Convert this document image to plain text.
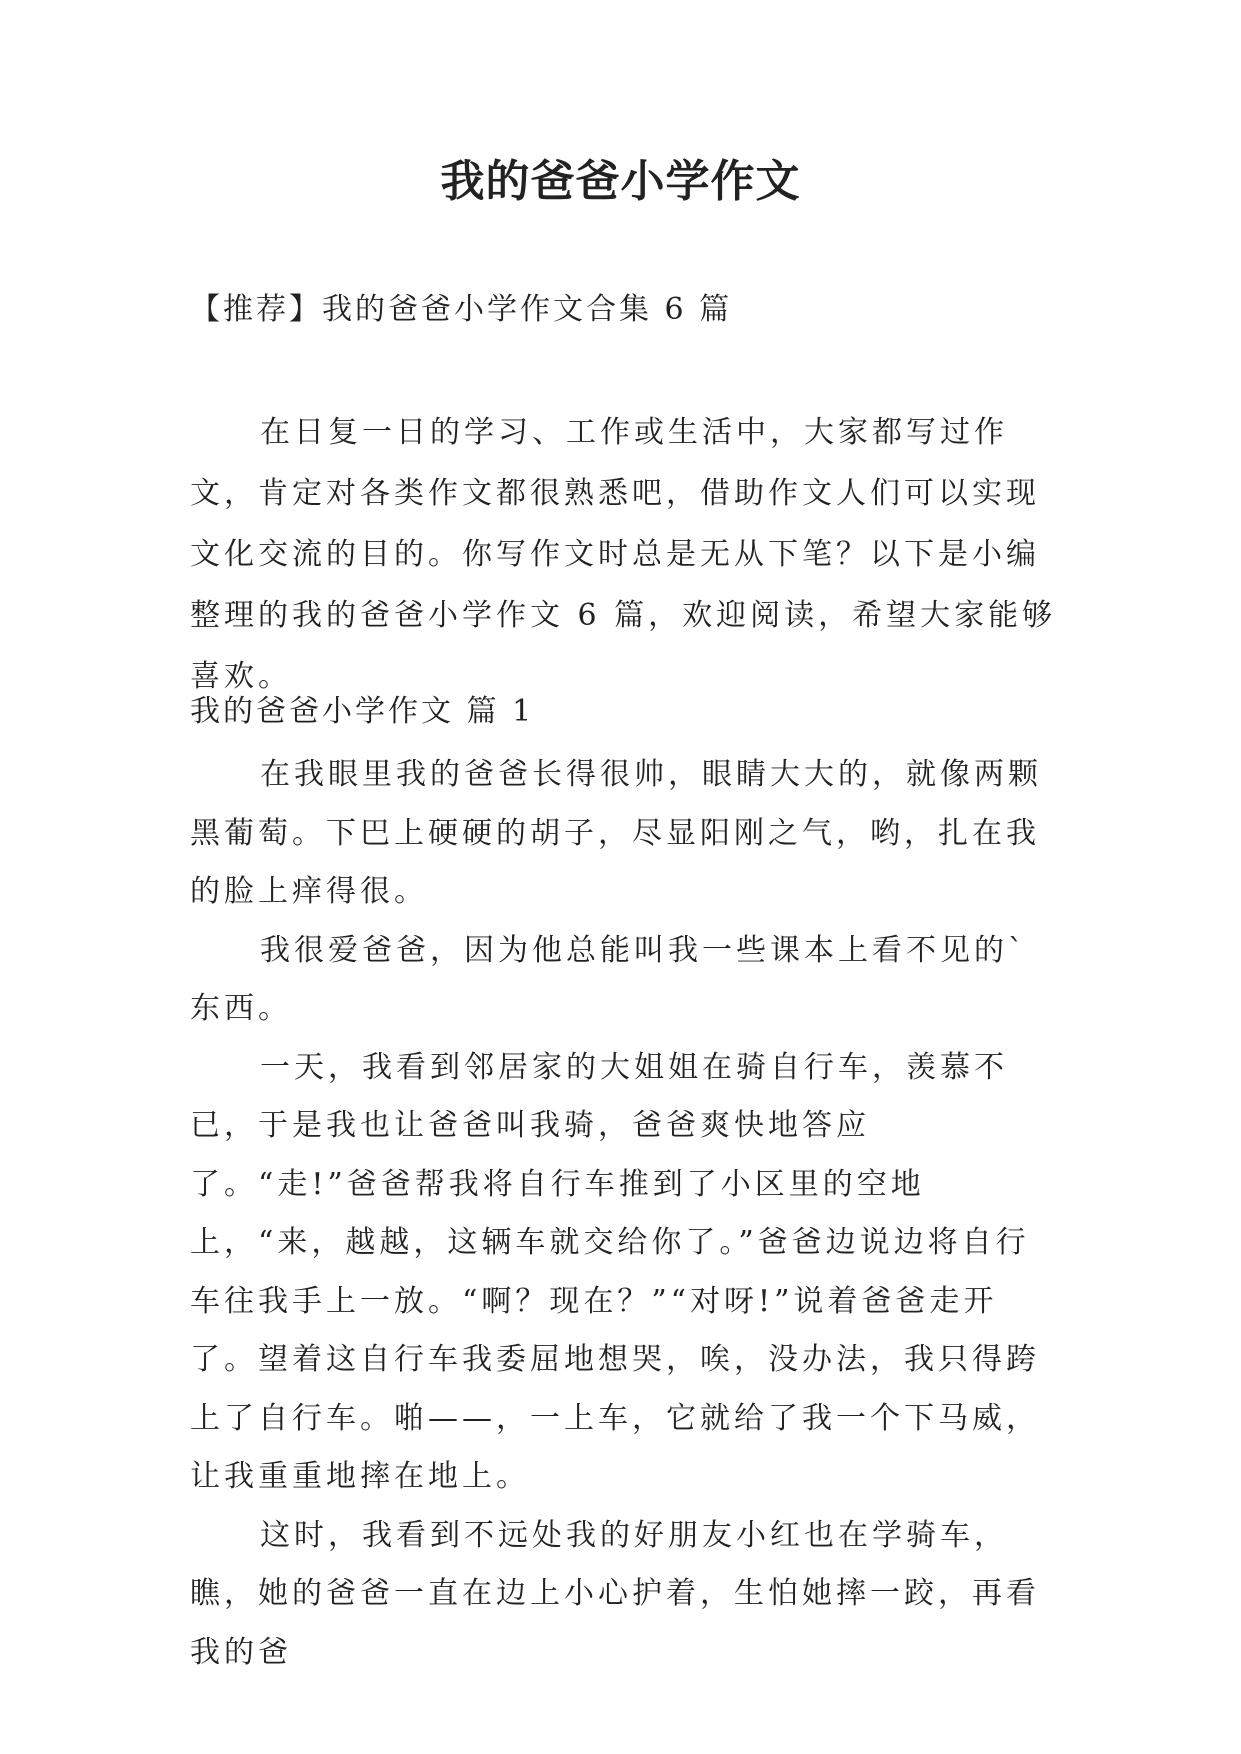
我的爸爸小学作文

【推荐】我的爸爸小学作文合集 6 篇

在日复一日的学习、工作或生活中，大家都写过作文，肯定对各类作文都很熟悉吧，借助作文人们可以实现文化交流的目的。你写作文时总是无从下笔？以下是小编整理的我的爸爸小学作文 6 篇，欢迎阅读，希望大家能够喜欢。

我的爸爸小学作文 篇 1

在我眼里我的爸爸长得很帅，眼睛大大的，就像两颗黑葡萄。下巴上硬硬的胡子，尽显阳刚之气，哟，扎在我的脸上痒得很。

我很爱爸爸，因为他总能叫我一些课本上看不见的`东西。

一天，我看到邻居家的大姐姐在骑自行车，羡慕不已，于是我也让爸爸叫我骑，爸爸爽快地答应了。“走!”爸爸帮我将自行车推到了小区里的空地上，“来，越越，这辆车就交给你了。”爸爸边说边将自行车往我手上一放。“啊？现在？”“对呀!”说着爸爸走开了。望着这自行车我委屈地想哭，唉，没办法，我只得跨上了自行车。啪——，一上车，它就给了我一个下马威，让我重重地摔在地上。

这时，我看到不远处我的好朋友小红也在学骑车，瞧，她的爸爸一直在边上小心护着，生怕她摔一跤，再看我的爸
